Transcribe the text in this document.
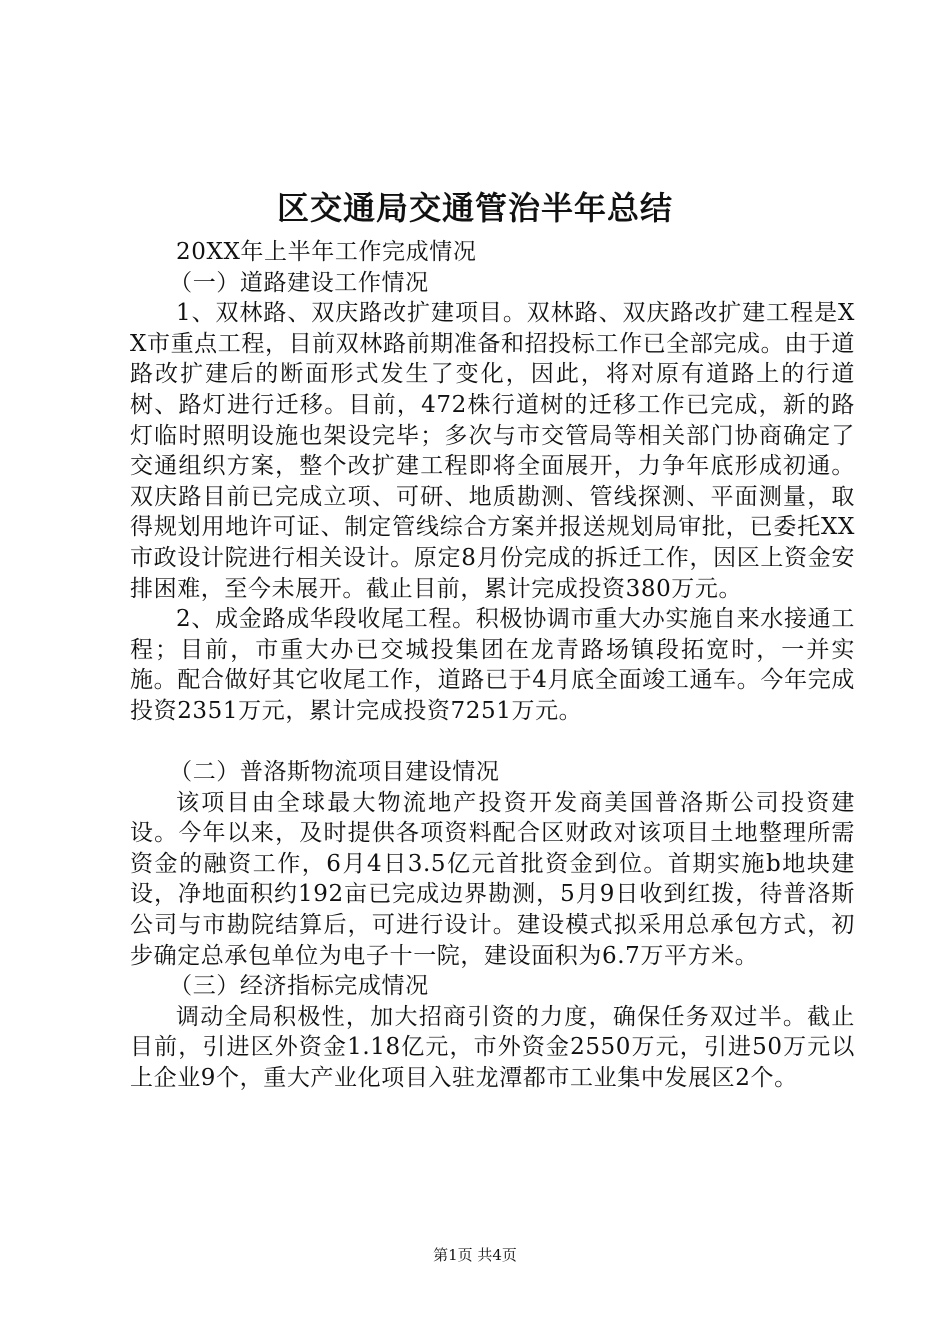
区交通局交通管治半年总结

20XX年上半年工作完成情况

（一）道路建设工作情况

1、双林路、双庆路改扩建项目。双林路、双庆路改扩建工程是XX市重点工程，目前双林路前期准备和招投标工作已全部完成。由于道路改扩建后的断面形式发生了变化，因此，将对原有道路上的行道树、路灯进行迁移。目前，472株行道树的迁移工作已完成，新的路灯临时照明设施也架设完毕；多次与市交管局等相关部门协商确定了交通组织方案，整个改扩建工程即将全面展开，力争年底形成初通。双庆路目前已完成立项、可研、地质勘测、管线探测、平面测量，取得规划用地许可证、制定管线综合方案并报送规划局审批，已委托XX市政设计院进行相关设计。原定8月份完成的拆迁工作，因区上资金安排困难，至今未展开。截止目前，累计完成投资380万元。

2、成金路成华段收尾工程。积极协调市重大办实施自来水接通工程；目前，市重大办已交城投集团在龙青路场镇段拓宽时，一并实施。配合做好其它收尾工作，道路已于4月底全面竣工通车。今年完成投资2351万元，累计完成投资7251万元。

（二）普洛斯物流项目建设情况

该项目由全球最大物流地产投资开发商美国普洛斯公司投资建设。今年以来，及时提供各项资料配合区财政对该项目土地整理所需资金的融资工作，6月4日3.5亿元首批资金到位。首期实施b地块建设，净地面积约192亩已完成边界勘测，5月9日收到红拨，待普洛斯公司与市勘院结算后，可进行设计。建设模式拟采用总承包方式，初步确定总承包单位为电子十一院，建设面积为6.7万平方米。

（三）经济指标完成情况

调动全局积极性，加大招商引资的力度，确保任务双过半。截止目前，引进区外资金1.18亿元，市外资金2550万元，引进50万元以上企业9个，重大产业化项目入驻龙潭都市工业集中发展区2个。

第1页 共4页
